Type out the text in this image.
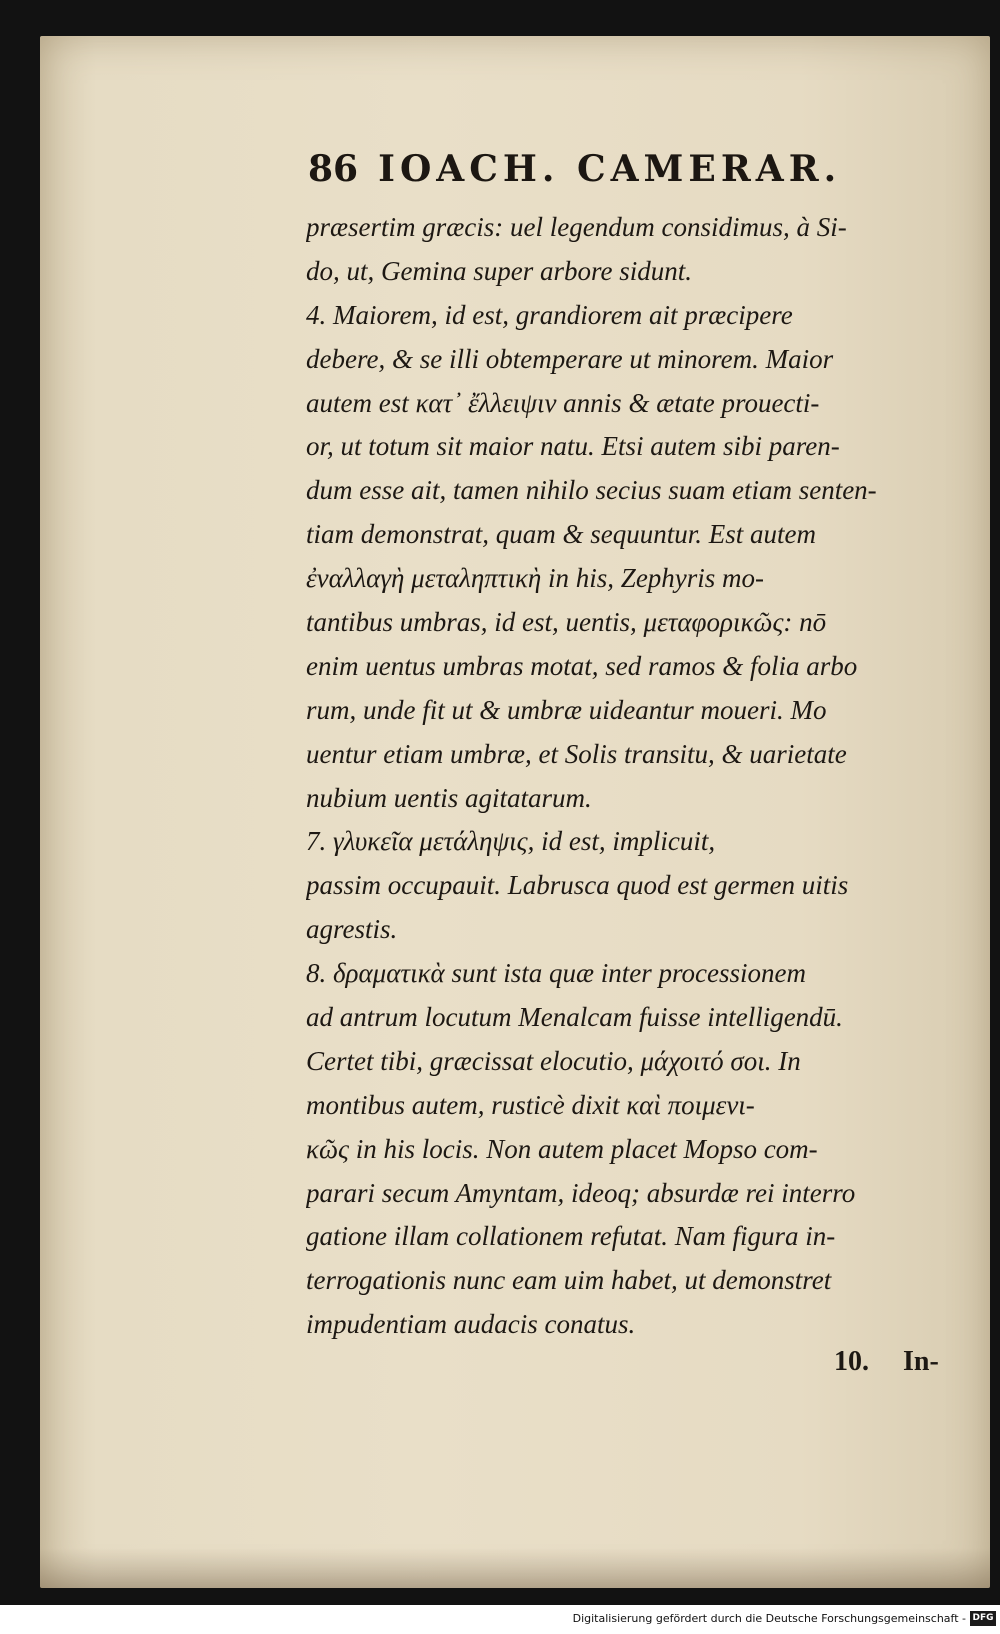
86 IOACH. CAMERAR.
præsertim græcis: uel legendum considimus, à Si-
do, ut, Gemina super arbore sidunt.
4. Maiorem, id est, grandiorem ait præcipere
debere, & se illi obtemperare ut minorem. Maior
autem est κατ᾽ ἔλλειψιν annis & ætate prouecti-
or, ut totum sit maior natu. Etsi autem sibi paren-
dum esse ait, tamen nihilo secius suam etiam senten-
tiam demonstrat, quam & sequuntur. Est autem
ἐναλλαγὴ μεταληπτικὴ in his, Zephyris mo-
tantibus umbras, id est, uentis, μεταφορικῶς: nō
enim uentus umbras motat, sed ramos & folia arbo
rum, unde fit ut & umbræ uideantur moueri. Mo
uentur etiam umbræ, et Solis transitu, & uarietate
nubium uentis agitatarum.
7. γλυκεῖα μετάληψις, id est, implicuit,
passim occupauit. Labrusca quod est germen uitis
agrestis.
8. δραματικὰ sunt ista quæ inter processionem
ad antrum locutum Menalcam fuisse intelligendū.
Certet tibi, græcissat elocutio, μάχοιτό σοι. In
montibus autem, rusticè dixit καὶ ποιμενι-
κῶς in his locis. Non autem placet Mopso com-
parari secum Amyntam, ideoq; absurdæ rei interro
gatione illam collationem refutat. Nam figura in-
terrogationis nunc eam uim habet, ut demonstret
impudentiam audacis conatus.
10. In-
Digitalisierung gefördert durch die Deutsche Forschungsgemeinschaft - DFG
